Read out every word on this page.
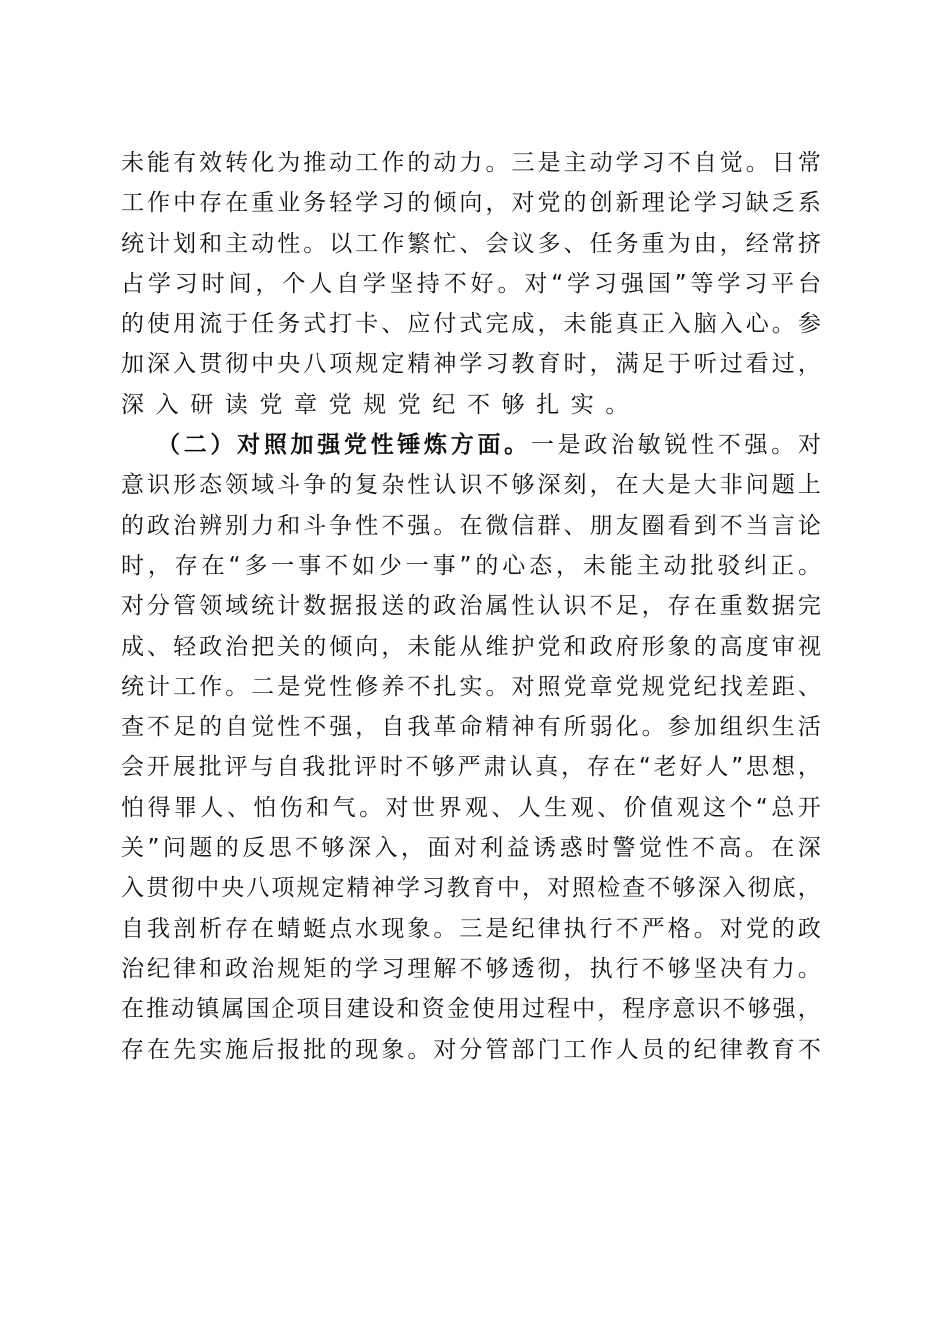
未 能 有 效 转 化 为 推 动 工 作 的 动 力 。 三 是 主 动 学 习 不 自 觉 。 日 常
工 作 中 存 在 重 业 务 轻 学 习 的 倾 向 ， 对 党 的 创 新 理 论 学 习 缺 乏 系
统 计 划 和 主 动 性 。 以 工 作 繁 忙 、 会 议 多 、 任 务 重 为 由 ， 经 常 挤
占 学 习 时 间 ， 个 人 自 学 坚 持 不 好 。 对 “ 学 习 强 国 ” 等 学 习 平 台
的 使 用 流 于 任 务 式 打 卡 、 应 付 式 完 成 ， 未 能 真 正 入 脑 入 心 。 参
加 深 入 贯 彻 中 央 八 项 规 定 精 神 学 习 教 育 时 ， 满 足 于 听 过 看 过 ，
深入研读党章党规党纪不够扎实。
（ 二 ） 对 照 加 强 党 性 锤 炼 方 面 。 一 是 政 治 敏 锐 性 不 强 。 对
意 识 形 态 领 域 斗 争 的 复 杂 性 认 识 不 够 深 刻 ， 在 大 是 大 非 问 题 上
的 政 治 辨 别 力 和 斗 争 性 不 强 。 在 微 信 群 、 朋 友 圈 看 到 不 当 言 论
时 ， 存 在 “ 多 一 事 不 如 少 一 事 ” 的 心 态 ， 未 能 主 动 批 驳 纠 正 。
对 分 管 领 域 统 计 数 据 报 送 的 政 治 属 性 认 识 不 足 ， 存 在 重 数 据 完
成 、 轻 政 治 把 关 的 倾 向 ， 未 能 从 维 护 党 和 政 府 形 象 的 高 度 审 视
统 计 工 作 。 二 是 党 性 修 养 不 扎 实 。 对 照 党 章 党 规 党 纪 找 差 距 、
查 不 足 的 自 觉 性 不 强 ， 自 我 革 命 精 神 有 所 弱 化 。 参 加 组 织 生 活
会 开 展 批 评 与 自 我 批 评 时 不 够 严 肃 认 真 ， 存 在 “ 老 好 人 ” 思 想 ，
怕 得 罪 人 、 怕 伤 和 气 。 对 世 界 观 、 人 生 观 、 价 值 观 这 个 “ 总 开
关 ” 问 题 的 反 思 不 够 深 入 ， 面 对 利 益 诱 惑 时 警 觉 性 不 高 。 在 深
入 贯 彻 中 央 八 项 规 定 精 神 学 习 教 育 中 ， 对 照 检 查 不 够 深 入 彻 底 ，
自 我 剖 析 存 在 蜻 蜓 点 水 现 象 。 三 是 纪 律 执 行 不 严 格 。 对 党 的 政
治 纪 律 和 政 治 规 矩 的 学 习 理 解 不 够 透 彻 ， 执 行 不 够 坚 决 有 力 。
在 推 动 镇 属 国 企 项 目 建 设 和 资 金 使 用 过 程 中 ， 程 序 意 识 不 够 强 ，
存 在 先 实 施 后 报 批 的 现 象 。 对 分 管 部 门 工 作 人 员 的 纪 律 教 育 不
